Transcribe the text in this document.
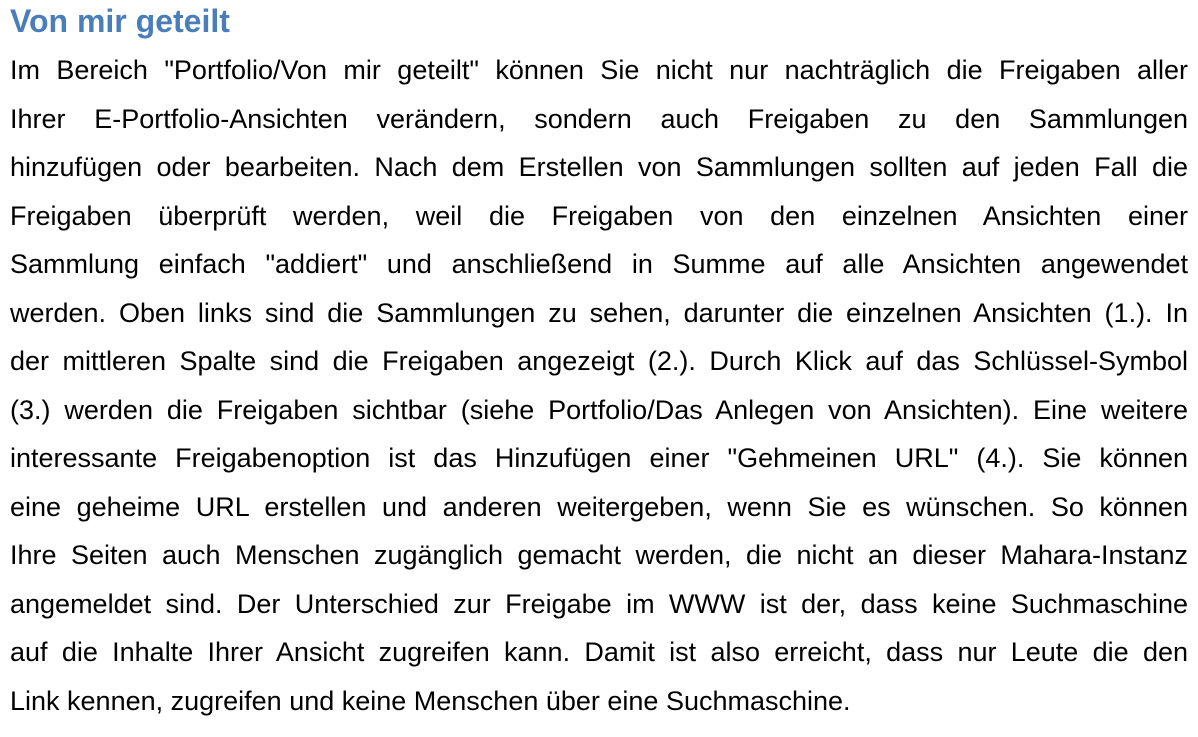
Von mir geteilt
Im Bereich "Portfolio/Von mir geteilt" können Sie nicht nur nachträglich die Freigaben aller
Ihrer E-Portfolio-Ansichten verändern, sondern auch Freigaben zu den Sammlungen
hinzufügen oder bearbeiten. Nach dem Erstellen von Sammlungen sollten auf jeden Fall die
Freigaben überprüft werden, weil die Freigaben von den einzelnen Ansichten einer
Sammlung einfach "addiert" und anschließend in Summe auf alle Ansichten angewendet
werden. Oben links sind die Sammlungen zu sehen, darunter die einzelnen Ansichten (1.). In
der mittleren Spalte sind die Freigaben angezeigt (2.). Durch Klick auf das Schlüssel-Symbol
(3.) werden die Freigaben sichtbar (siehe Portfolio/Das Anlegen von Ansichten). Eine weitere
interessante Freigabenoption ist das Hinzufügen einer "Gehmeinen URL" (4.). Sie können
eine geheime URL erstellen und anderen weitergeben, wenn Sie es wünschen. So können
Ihre Seiten auch Menschen zugänglich gemacht werden, die nicht an dieser Mahara-Instanz
angemeldet sind. Der Unterschied zur Freigabe im WWW ist der, dass keine Suchmaschine
auf die Inhalte Ihrer Ansicht zugreifen kann. Damit ist also erreicht, dass nur Leute die den
Link kennen, zugreifen und keine Menschen über eine Suchmaschine.
